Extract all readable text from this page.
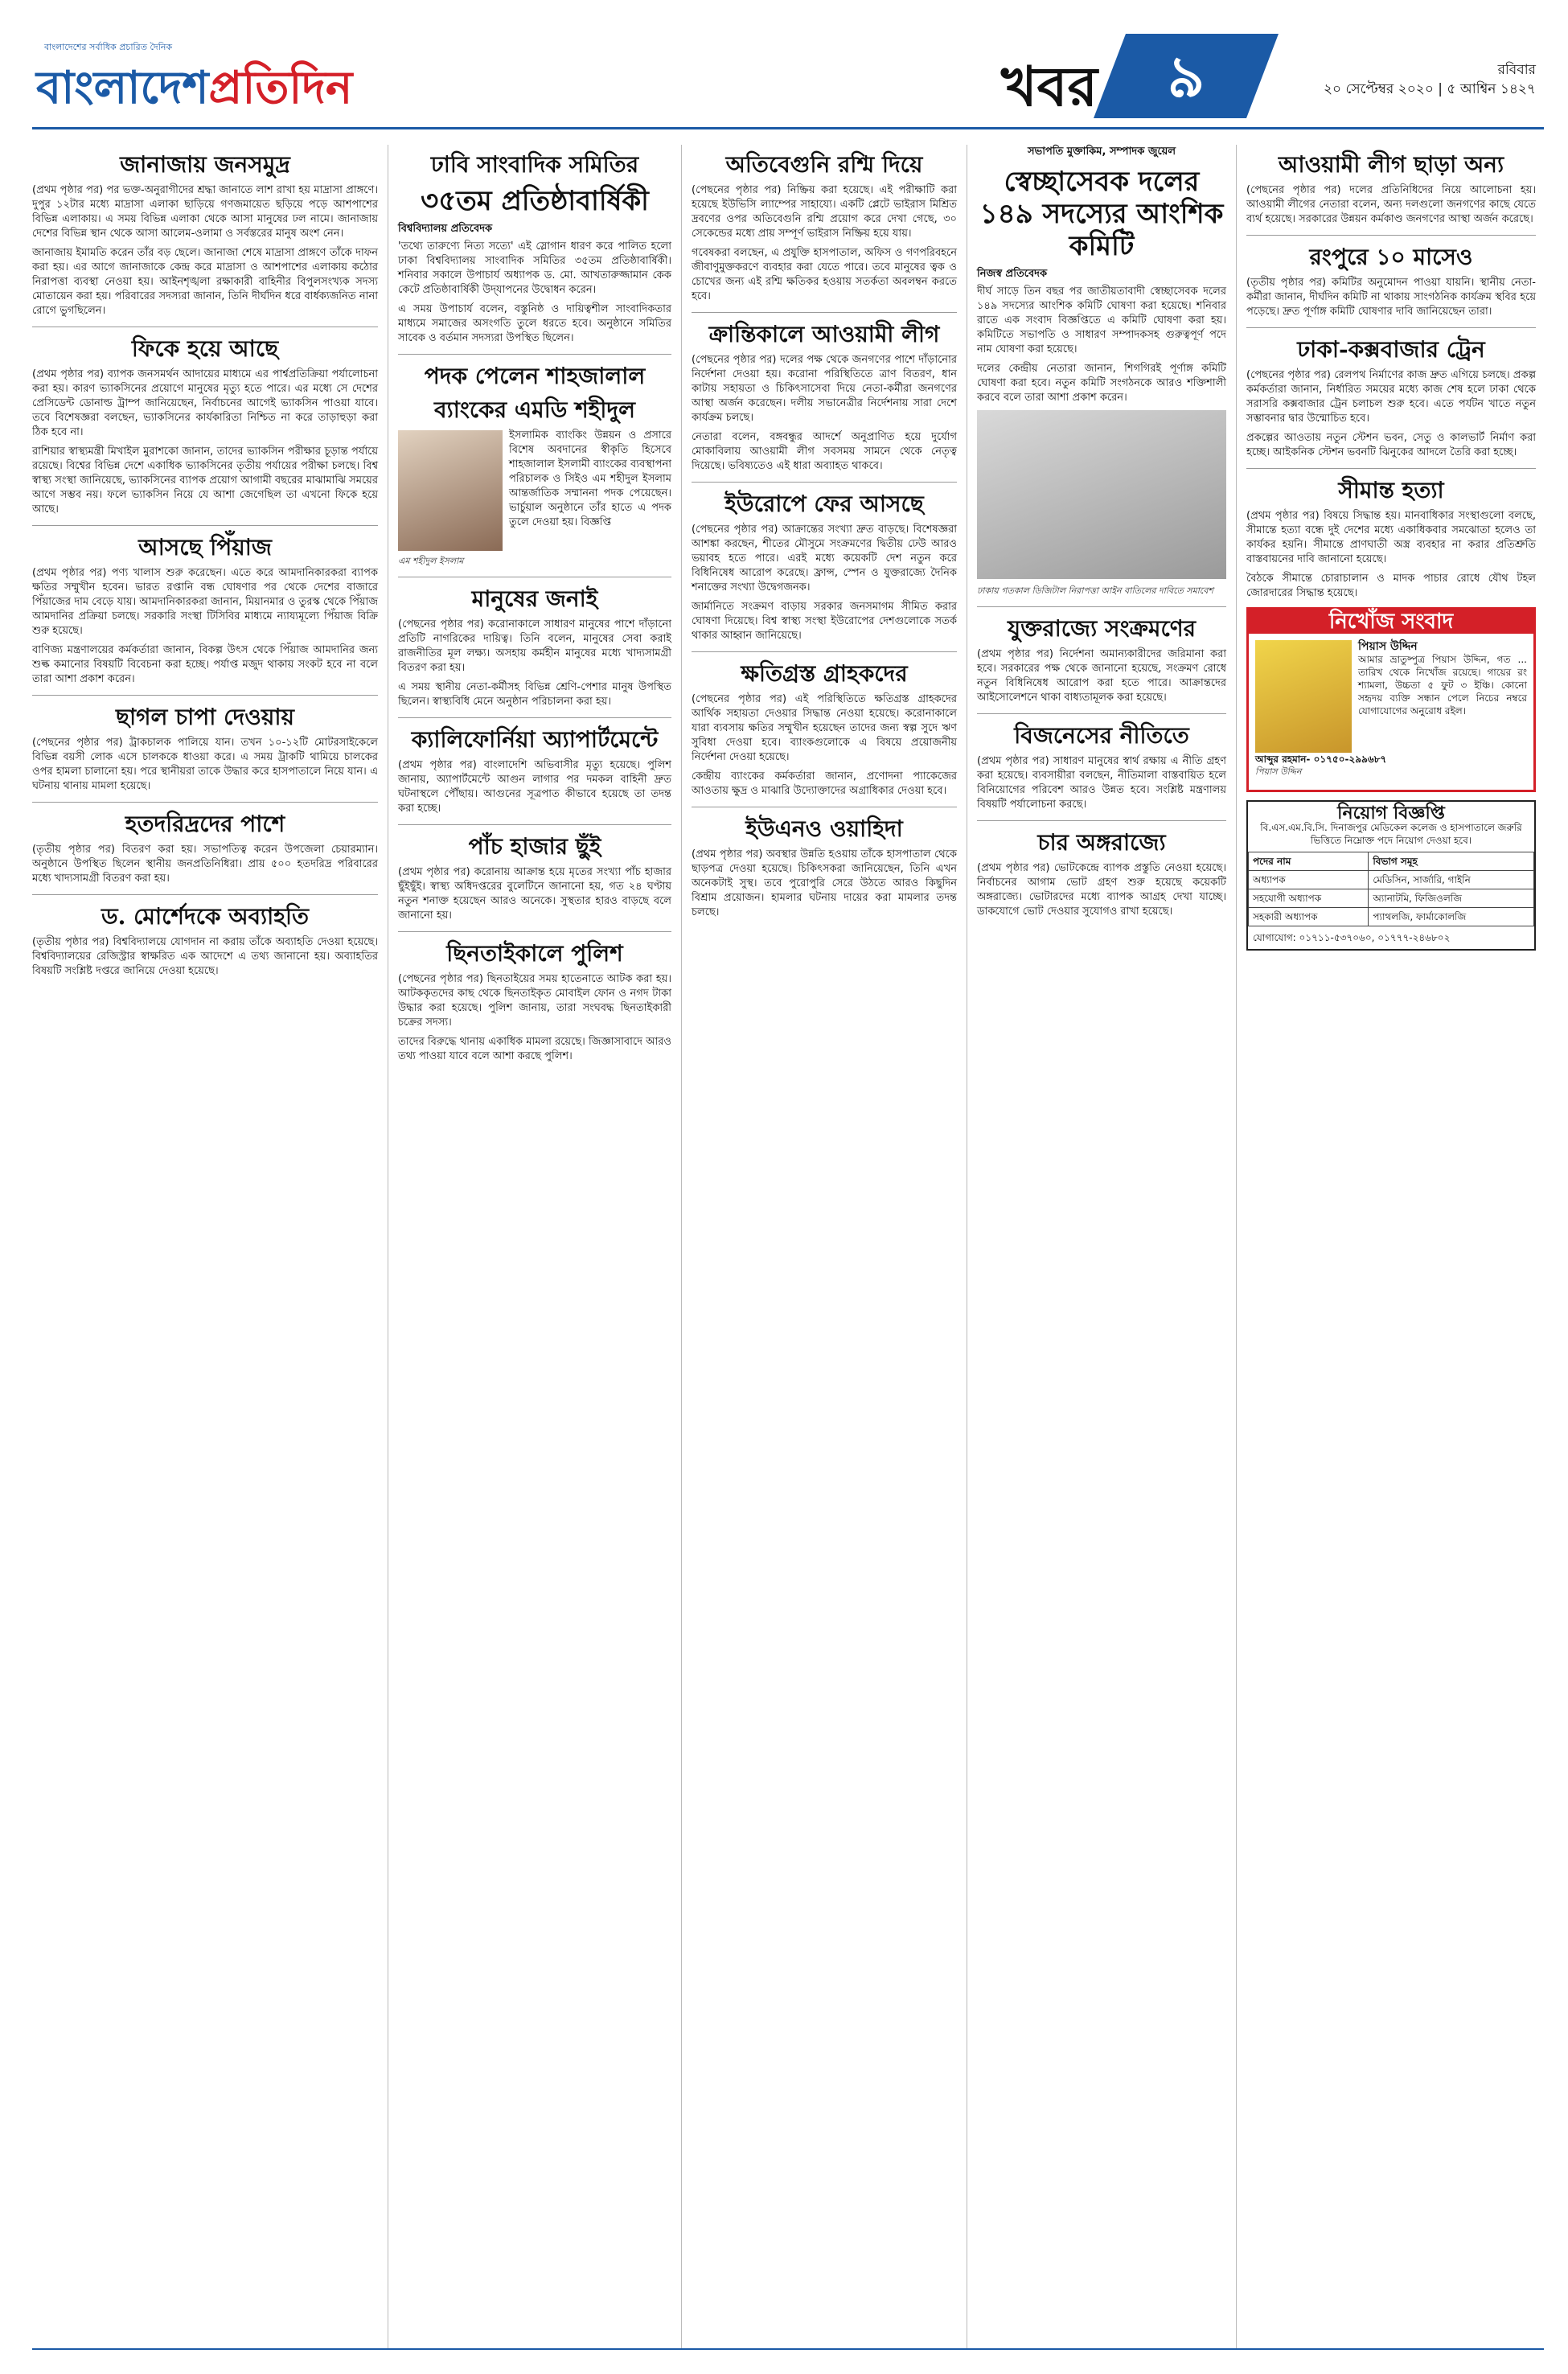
বাংলাদেশের সর্বাধিক প্রচারিত দৈনিক
বাংলাদেশপ্রতিদিন	খবর	৯	রবিবার
২০ সেপ্টেম্বর ২০২০ | ৫ আশ্বিন ১৪২৭
জানাজায় জনসমুদ্র

(প্রথম পৃষ্ঠার পর) পর ভক্ত-অনুরাগীদের শ্রদ্ধা জানাতে লাশ রাখা হয় মাদ্রাসা প্রাঙ্গণে। দুপুর ১২টার মধ্যে মাদ্রাসা এলাকা ছাড়িয়ে গণজমায়েত ছড়িয়ে পড়ে আশপাশের বিভিন্ন এলাকায়। এ সময় বিভিন্ন এলাকা থেকে আসা মানুষের ঢল নামে। জানাজায় দেশের বিভিন্ন স্থান থেকে আসা আলেম-ওলামা ও সর্বস্তরের মানুষ অংশ নেন।

জানাজায় ইমামতি করেন তাঁর বড় ছেলে। জানাজা শেষে মাদ্রাসা প্রাঙ্গণে তাঁকে দাফন করা হয়। এর আগে জানাজাকে কেন্দ্র করে মাদ্রাসা ও আশপাশের এলাকায় কঠোর নিরাপত্তা ব্যবস্থা নেওয়া হয়। আইনশৃঙ্খলা রক্ষাকারী বাহিনীর বিপুলসংখ্যক সদস্য মোতায়েন করা হয়। পরিবারের সদস্যরা জানান, তিনি দীর্ঘদিন ধরে বার্ধক্যজনিত নানা রোগে ভুগছিলেন।

ফিকে হয়ে আছে

(প্রথম পৃষ্ঠার পর) ব্যাপক জনসমর্থন আদায়ের মাধ্যমে এর পার্শ্বপ্রতিক্রিয়া পর্যালোচনা করা হয়। কারণ ভ্যাকসিনের প্রয়োগে মানুষের মৃত্যু হতে পারে। এর মধ্যে সে দেশের প্রেসিডেন্ট ডোনাল্ড ট্রাম্প জানিয়েছেন, নির্বাচনের আগেই ভ্যাকসিন পাওয়া যাবে। তবে বিশেষজ্ঞরা বলছেন, ভ্যাকসিনের কার্যকারিতা নিশ্চিত না করে তাড়াহুড়া করা ঠিক হবে না।

রাশিয়ার স্বাস্থ্যমন্ত্রী মিখাইল মুরাশকো জানান, তাদের ভ্যাকসিন পরীক্ষার চূড়ান্ত পর্যায়ে রয়েছে। বিশ্বের বিভিন্ন দেশে একাধিক ভ্যাকসিনের তৃতীয় পর্যায়ের পরীক্ষা চলছে। বিশ্ব স্বাস্থ্য সংস্থা জানিয়েছে, ভ্যাকসিনের ব্যাপক প্রয়োগ আগামী বছরের মাঝামাঝি সময়ের আগে সম্ভব নয়। ফলে ভ্যাকসিন নিয়ে যে আশা জেগেছিল তা এখনো ফিকে হয়ে আছে।

আসছে পিঁয়াজ

(প্রথম পৃষ্ঠার পর) পণ্য খালাস শুরু করেছেন। এতে করে আমদানিকারকরা ব্যাপক ক্ষতির সম্মুখীন হবেন। ভারত রপ্তানি বন্ধ ঘোষণার পর থেকে দেশের বাজারে পিঁয়াজের দাম বেড়ে যায়। আমদানিকারকরা জানান, মিয়ানমার ও তুরস্ক থেকে পিঁয়াজ আমদানির প্রক্রিয়া চলছে। সরকারি সংস্থা টিসিবির মাধ্যমে ন্যায্যমূল্যে পিঁয়াজ বিক্রি শুরু হয়েছে।

বাণিজ্য মন্ত্রণালয়ের কর্মকর্তারা জানান, বিকল্প উৎস থেকে পিঁয়াজ আমদানির জন্য শুল্ক কমানোর বিষয়টি বিবেচনা করা হচ্ছে। পর্যাপ্ত মজুদ থাকায় সংকট হবে না বলে তারা আশা প্রকাশ করেন।

ছাগল চাপা দেওয়ায়

(পেছনের পৃষ্ঠার পর) ট্রাকচালক পালিয়ে যান। তখন ১০-১২টি মোটরসাইকেলে বিভিন্ন বয়সী লোক এসে চালককে ধাওয়া করে। এ সময় ট্রাকটি থামিয়ে চালকের ওপর হামলা চালানো হয়। পরে স্থানীয়রা তাকে উদ্ধার করে হাসপাতালে নিয়ে যান। এ ঘটনায় থানায় মামলা হয়েছে।

হতদরিদ্রদের পাশে

(তৃতীয় পৃষ্ঠার পর) বিতরণ করা হয়। সভাপতিত্ব করেন উপজেলা চেয়ারম্যান। অনুষ্ঠানে উপস্থিত ছিলেন স্থানীয় জনপ্রতিনিধিরা। প্রায় ৫০০ হতদরিদ্র পরিবারের মধ্যে খাদ্যসামগ্রী বিতরণ করা হয়।

ড. মোর্শেদকে অব্যাহতি

(তৃতীয় পৃষ্ঠার পর) বিশ্ববিদ্যালয়ে যোগদান না করায় তাঁকে অব্যাহতি দেওয়া হয়েছে। বিশ্ববিদ্যালয়ের রেজিস্ট্রার স্বাক্ষরিত এক আদেশে এ তথ্য জানানো হয়। অব্যাহতির বিষয়টি সংশ্লিষ্ট দপ্তরে জানিয়ে দেওয়া হয়েছে।

ঢাবি সাংবাদিক সমিতির
৩৫তম প্রতিষ্ঠাবার্ষিকী
বিশ্ববিদ্যালয় প্রতিবেদক

'তথ্যে তারুণ্যে নিত্য সত্যে' এই স্লোগান ধারণ করে পালিত হলো ঢাকা বিশ্ববিদ্যালয় সাংবাদিক সমিতির ৩৫তম প্রতিষ্ঠাবার্ষিকী। শনিবার সকালে উপাচার্য অধ্যাপক ড. মো. আখতারুজ্জামান কেক কেটে প্রতিষ্ঠাবার্ষিকী উদ্‌যাপনের উদ্বোধন করেন।

এ সময় উপাচার্য বলেন, বস্তুনিষ্ঠ ও দায়িত্বশীল সাংবাদিকতার মাধ্যমে সমাজের অসংগতি তুলে ধরতে হবে। অনুষ্ঠানে সমিতির সাবেক ও বর্তমান সদস্যরা উপস্থিত ছিলেন।

পদক পেলেন শাহজালাল
ব্যাংকের এমডি শহীদুল

ইসলামিক ব্যাংকিং উন্নয়ন ও প্রসারে বিশেষ অবদানের স্বীকৃতি হিসেবে শাহজালাল ইসলামী ব্যাংকের ব্যবস্থাপনা পরিচালক ও সিইও এম শহীদুল ইসলাম আন্তর্জাতিক সম্মাননা পদক পেয়েছেন। ভার্চুয়াল অনুষ্ঠানে তাঁর হাতে এ পদক তুলে দেওয়া হয়। বিজ্ঞপ্তি

এম শহীদুল ইসলাম
মানুষের জনাই

(পেছনের পৃষ্ঠার পর) করোনাকালে সাধারণ মানুষের পাশে দাঁড়ানো প্রতিটি নাগরিকের দায়িত্ব। তিনি বলেন, মানুষের সেবা করাই রাজনীতির মূল লক্ষ্য। অসহায় কর্মহীন মানুষের মধ্যে খাদ্যসামগ্রী বিতরণ করা হয়।

এ সময় স্থানীয় নেতা-কর্মীসহ বিভিন্ন শ্রেণি-পেশার মানুষ উপস্থিত ছিলেন। স্বাস্থ্যবিধি মেনে অনুষ্ঠান পরিচালনা করা হয়।

ক্যালিফোর্নিয়া অ্যাপার্টমেন্টে

(প্রথম পৃষ্ঠার পর) বাংলাদেশি অভিবাসীর মৃত্যু হয়েছে। পুলিশ জানায়, অ্যাপার্টমেন্টে আগুন লাগার পর দমকল বাহিনী দ্রুত ঘটনাস্থলে পৌঁছায়। আগুনের সূত্রপাত কীভাবে হয়েছে তা তদন্ত করা হচ্ছে।

পাঁচ হাজার ছুঁই

(প্রথম পৃষ্ঠার পর) করোনায় আক্রান্ত হয়ে মৃতের সংখ্যা পাঁচ হাজার ছুঁইছুঁই। স্বাস্থ্য অধিদপ্তরের বুলেটিনে জানানো হয়, গত ২৪ ঘণ্টায় নতুন শনাক্ত হয়েছেন আরও অনেকে। সুস্থতার হারও বাড়ছে বলে জানানো হয়।

ছিনতাইকালে পুলিশ

(পেছনের পৃষ্ঠার পর) ছিনতাইয়ের সময় হাতেনাতে আটক করা হয়। আটককৃতদের কাছ থেকে ছিনতাইকৃত মোবাইল ফোন ও নগদ টাকা উদ্ধার করা হয়েছে। পুলিশ জানায়, তারা সংঘবদ্ধ ছিনতাইকারী চক্রের সদস্য।

তাদের বিরুদ্ধে থানায় একাধিক মামলা রয়েছে। জিজ্ঞাসাবাদে আরও তথ্য পাওয়া যাবে বলে আশা করছে পুলিশ।

অতিবেগুনি রশ্মি দিয়ে

(পেছনের পৃষ্ঠার পর) নিষ্ক্রিয় করা হয়েছে। এই পরীক্ষাটি করা হয়েছে ইউভিসি ল্যাম্পের সাহায্যে। একটি প্লেটে ভাইরাস মিশ্রিত দ্রবণের ওপর অতিবেগুনি রশ্মি প্রয়োগ করে দেখা গেছে, ৩০ সেকেন্ডের মধ্যে প্রায় সম্পূর্ণ ভাইরাস নিষ্ক্রিয় হয়ে যায়।

গবেষকরা বলছেন, এ প্রযুক্তি হাসপাতাল, অফিস ও গণপরিবহনে জীবাণুমুক্তকরণে ব্যবহার করা যেতে পারে। তবে মানুষের ত্বক ও চোখের জন্য এই রশ্মি ক্ষতিকর হওয়ায় সতর্কতা অবলম্বন করতে হবে।

ক্রান্তিকালে আওয়ামী লীগ

(পেছনের পৃষ্ঠার পর) দলের পক্ষ থেকে জনগণের পাশে দাঁড়ানোর নির্দেশনা দেওয়া হয়। করোনা পরিস্থিতিতে ত্রাণ বিতরণ, ধান কাটায় সহায়তা ও চিকিৎসাসেবা দিয়ে নেতা-কর্মীরা জনগণের আস্থা অর্জন করেছেন। দলীয় সভানেত্রীর নির্দেশনায় সারা দেশে কার্যক্রম চলছে।

নেতারা বলেন, বঙ্গবন্ধুর আদর্শে অনুপ্রাণিত হয়ে দুর্যোগ মোকাবিলায় আওয়ামী লীগ সবসময় সামনে থেকে নেতৃত্ব দিয়েছে। ভবিষ্যতেও এই ধারা অব্যাহত থাকবে।

ইউরোপে ফের আসছে

(পেছনের পৃষ্ঠার পর) আক্রান্তের সংখ্যা দ্রুত বাড়ছে। বিশেষজ্ঞরা আশঙ্কা করছেন, শীতের মৌসুমে সংক্রমণের দ্বিতীয় ঢেউ আরও ভয়াবহ হতে পারে। এরই মধ্যে কয়েকটি দেশ নতুন করে বিধিনিষেধ আরোপ করেছে। ফ্রান্স, স্পেন ও যুক্তরাজ্যে দৈনিক শনাক্তের সংখ্যা উদ্বেগজনক।

জার্মানিতে সংক্রমণ বাড়ায় সরকার জনসমাগম সীমিত করার ঘোষণা দিয়েছে। বিশ্ব স্বাস্থ্য সংস্থা ইউরোপের দেশগুলোকে সতর্ক থাকার আহ্বান জানিয়েছে।

ক্ষতিগ্রস্ত গ্রাহকদের

(পেছনের পৃষ্ঠার পর) এই পরিস্থিতিতে ক্ষতিগ্রস্ত গ্রাহকদের আর্থিক সহায়তা দেওয়ার সিদ্ধান্ত নেওয়া হয়েছে। করোনাকালে যারা ব্যবসায় ক্ষতির সম্মুখীন হয়েছেন তাদের জন্য স্বল্প সুদে ঋণ সুবিধা দেওয়া হবে। ব্যাংকগুলোকে এ বিষয়ে প্রয়োজনীয় নির্দেশনা দেওয়া হয়েছে।

কেন্দ্রীয় ব্যাংকের কর্মকর্তারা জানান, প্রণোদনা প্যাকেজের আওতায় ক্ষুদ্র ও মাঝারি উদ্যোক্তাদের অগ্রাধিকার দেওয়া হবে।

ইউএনও ওয়াহিদা

(প্রথম পৃষ্ঠার পর) অবস্থার উন্নতি হওয়ায় তাঁকে হাসপাতাল থেকে ছাড়পত্র দেওয়া হয়েছে। চিকিৎসকরা জানিয়েছেন, তিনি এখন অনেকটাই সুস্থ। তবে পুরোপুরি সেরে উঠতে আরও কিছুদিন বিশ্রাম প্রয়োজন। হামলার ঘটনায় দায়ের করা মামলার তদন্ত চলছে।

সভাপতি মুক্তাকিম, সম্পাদক জুয়েল
স্বেচ্ছাসেবক দলের ১৪৯ সদস্যের আংশিক কমিটি
নিজস্ব প্রতিবেদক

দীর্ঘ সাড়ে তিন বছর পর জাতীয়তাবাদী স্বেচ্ছাসেবক দলের ১৪৯ সদস্যের আংশিক কমিটি ঘোষণা করা হয়েছে। শনিবার রাতে এক সংবাদ বিজ্ঞপ্তিতে এ কমিটি ঘোষণা করা হয়। কমিটিতে সভাপতি ও সাধারণ সম্পাদকসহ গুরুত্বপূর্ণ পদে নাম ঘোষণা করা হয়েছে।

দলের কেন্দ্রীয় নেতারা জানান, শিগগিরই পূর্ণাঙ্গ কমিটি ঘোষণা করা হবে। নতুন কমিটি সংগঠনকে আরও শক্তিশালী করবে বলে তারা আশা প্রকাশ করেন।

ঢাকায় গতকাল ডিজিটাল নিরাপত্তা আইন বাতিলের দাবিতে সমাবেশ
যুক্তরাজ্যে সংক্রমণের

(প্রথম পৃষ্ঠার পর) নির্দেশনা অমান্যকারীদের জরিমানা করা হবে। সরকারের পক্ষ থেকে জানানো হয়েছে, সংক্রমণ রোধে নতুন বিধিনিষেধ আরোপ করা হতে পারে। আক্রান্তদের আইসোলেশনে থাকা বাধ্যতামূলক করা হয়েছে।

বিজনেসের নীতিতে

(প্রথম পৃষ্ঠার পর) সাধারণ মানুষের স্বার্থ রক্ষায় এ নীতি গ্রহণ করা হয়েছে। ব্যবসায়ীরা বলছেন, নীতিমালা বাস্তবায়িত হলে বিনিয়োগের পরিবেশ আরও উন্নত হবে। সংশ্লিষ্ট মন্ত্রণালয় বিষয়টি পর্যালোচনা করছে।

চার অঙ্গরাজ্যে

(প্রথম পৃষ্ঠার পর) ভোটকেন্দ্রে ব্যাপক প্রস্তুতি নেওয়া হয়েছে। নির্বাচনের আগাম ভোট গ্রহণ শুরু হয়েছে কয়েকটি অঙ্গরাজ্যে। ভোটারদের মধ্যে ব্যাপক আগ্রহ দেখা যাচ্ছে। ডাকযোগে ভোট দেওয়ার সুযোগও রাখা হয়েছে।

আওয়ামী লীগ ছাড়া অন্য

(পেছনের পৃষ্ঠার পর) দলের প্রতিনিধিদের নিয়ে আলোচনা হয়। আওয়ামী লীগের নেতারা বলেন, অন্য দলগুলো জনগণের কাছে যেতে ব্যর্থ হয়েছে। সরকারের উন্নয়ন কর্মকাণ্ড জনগণের আস্থা অর্জন করেছে।

রংপুরে ১০ মাসেও

(তৃতীয় পৃষ্ঠার পর) কমিটির অনুমোদন পাওয়া যায়নি। স্থানীয় নেতা-কর্মীরা জানান, দীর্ঘদিন কমিটি না থাকায় সাংগঠনিক কার্যক্রম স্থবির হয়ে পড়েছে। দ্রুত পূর্ণাঙ্গ কমিটি ঘোষণার দাবি জানিয়েছেন তারা।

ঢাকা-কক্সবাজার ট্রেন

(পেছনের পৃষ্ঠার পর) রেলপথ নির্মাণের কাজ দ্রুত এগিয়ে চলছে। প্রকল্প কর্মকর্তারা জানান, নির্ধারিত সময়ের মধ্যে কাজ শেষ হলে ঢাকা থেকে সরাসরি কক্সবাজার ট্রেন চলাচল শুরু হবে। এতে পর্যটন খাতে নতুন সম্ভাবনার দ্বার উন্মোচিত হবে।

প্রকল্পের আওতায় নতুন স্টেশন ভবন, সেতু ও কালভার্ট নির্মাণ করা হচ্ছে। আইকনিক স্টেশন ভবনটি ঝিনুকের আদলে তৈরি করা হচ্ছে।

সীমান্ত হত্যা

(প্রথম পৃষ্ঠার পর) বিষয়ে সিদ্ধান্ত হয়। মানবাধিকার সংস্থাগুলো বলছে, সীমান্তে হত্যা বন্ধে দুই দেশের মধ্যে একাধিকবার সমঝোতা হলেও তা কার্যকর হয়নি। সীমান্তে প্রাণঘাতী অস্ত্র ব্যবহার না করার প্রতিশ্রুতি বাস্তবায়নের দাবি জানানো হয়েছে।

বৈঠকে সীমান্তে চোরাচালান ও মাদক পাচার রোধে যৌথ টহল জোরদারের সিদ্ধান্ত হয়েছে।

নিখোঁজ সংবাদ
পিয়াস উদ্দিন
আমার ভ্রাতুষ্পুত্র পিয়াস উদ্দিন, গত ... তারিখ থেকে নিখোঁজ রয়েছে। গায়ের রং শ্যামলা, উচ্চতা ৫ ফুট ৩ ইঞ্চি। কোনো সহৃদয় ব্যক্তি সন্ধান পেলে নিচের নম্বরে যোগাযোগের অনুরোধ রইল।
আব্দুর রহমান- ০১৭৫০-২৯৯৬৮৭
পিয়াস উদ্দিন
নিয়োগ বিজ্ঞপ্তি
বি.এস.এম.বি.সি. দিনাজপুর মেডিকেল কলেজ ও হাসপাতালে জরুরি ভিত্তিতে নিম্নোক্ত পদে নিয়োগ দেওয়া হবে।
পদের নাম	বিভাগ সমূহ
অধ্যাপক	মেডিসিন, সার্জারি, গাইনি
সহযোগী অধ্যাপক	অ্যানাটমি, ফিজিওলজি
সহকারী অধ্যাপক	প্যাথলজি, ফার্মাকোলজি
যোগাযোগ: ০১৭১১-৫৩৭০৬০, ০১৭৭৭-২৪৬৮০২
